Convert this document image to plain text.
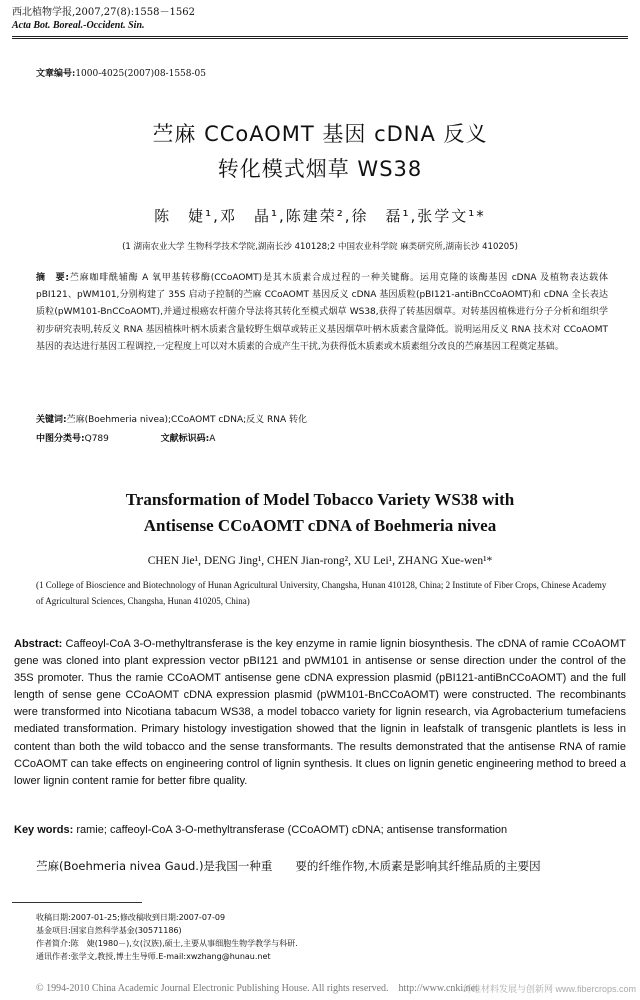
西北植物学报,2007,27(8):1558－1562
Acta Bot. Boreal.-Occident. Sin.
文章编号:1000-4025(2007)08-1558-05
苎麻 CCoAOMT 基因 cDNA 反义
转化模式烟草 WS38
陈　婕¹,邓　晶¹,陈建荣²,徐　磊¹,张学文¹*
(1 湖南农业大学 生物科学技术学院,湖南长沙 410128;2 中国农业科学院 麻类研究所,湖南长沙 410205)
摘　要:苎麻咖啡酰辅酶 A 氧甲基转移酶(CCoAOMT)是其木质素合成过程的一种关键酶。运用克隆的该酶基因 cDNA 及植物表达载体 pBI121、pWM101,分别构建了 35S 启动子控制的苎麻 CCoAOMT 基因反义 cDNA 基因质粒(pBI121-antiBnCCoAOMT)和 cDNA 全长表达质粒(pWM101-BnCCoAOMT),并通过根癌农杆菌介导法将其转化至模式烟草 WS38,获得了转基因烟草。对转基因植株进行分子分析和组织学初步研究表明,转反义 RNA 基因植株叶柄木质素含量较野生烟草或转正义基因烟草叶柄木质素含量降低。说明运用反义 RNA 技术对 CCoAOMT 基因的表达进行基因工程调控,一定程度上可以对木质素的合成产生干扰,为获得低木质素或木质素组分改良的苎麻基因工程奠定基础。
关键词:苎麻(Boehmeria nivea);CCoAOMT cDNA;反义 RNA 转化
中图分类号:Q789	文献标识码:A
Transformation of Model Tobacco Variety WS38 with
Antisense CCoAOMT cDNA of Boehmeria nivea
CHEN Jie¹, DENG Jing¹, CHEN Jian-rong², XU Lei¹, ZHANG Xue-wen¹*
(1 College of Bioscience and Biotechnology of Hunan Agricultural University, Changsha, Hunan 410128, China; 2 Institute of Fiber Crops, Chinese Academy of Agricultural Sciences, Changsha, Hunan 410205, China)
Abstract: Caffeoyl-CoA 3-O-methyltransferase is the key enzyme in ramie lignin biosynthesis. The cDNA of ramie CCoAOMT gene was cloned into plant expression vector pBI121 and pWM101 in antisense or sense direction under the control of the 35S promoter. Thus the ramie CCoAOMT antisense gene cDNA expression plasmid (pBI121-antiBnCCoAOMT) and the full length of sense gene CCoAOMT cDNA expression plasmid (pWM101-BnCCoAOMT) were constructed. The recombinants were transformed into Nicotiana tabacum WS38, a model tobacco variety for lignin research, via Agrobacterium tumefaciens mediated transformation. Primary histology investigation showed that the lignin in leafstalk of transgenic plantlets is less in content than both the wild tobacco and the sense transformants. The results demonstrated that the antisense RNA of ramie CCoAOMT can take effects on engineering control of lignin synthesis. It clues on lignin genetic engineering method to breed a lower lignin content ramie for better fibre quality.
Key words: ramie; caffeoyl-CoA 3-O-methyltransferase (CCoAOMT) cDNA; antisense transformation
苎麻(Boehmeria nivea Gaud.)是我国一种重　　要的纤维作物,木质素是影响其纤维品质的主要因
收稿日期:2007-01-25;修改稿收到日期:2007-07-09
基金项目:国家自然科学基金(30571186)
作者简介:陈　婕(1980－),女(汉族),硕士,主要从事细胞生物学教学与科研.
通讯作者:张学文,教授,博士生导师.E-mail:xwzhang@hunau.net
© 1994-2010 China Academic Journal Electronic Publishing House. All rights reserved.　http://www.cnki.net
纤维材料发展与创新网 www.fibercrops.com
